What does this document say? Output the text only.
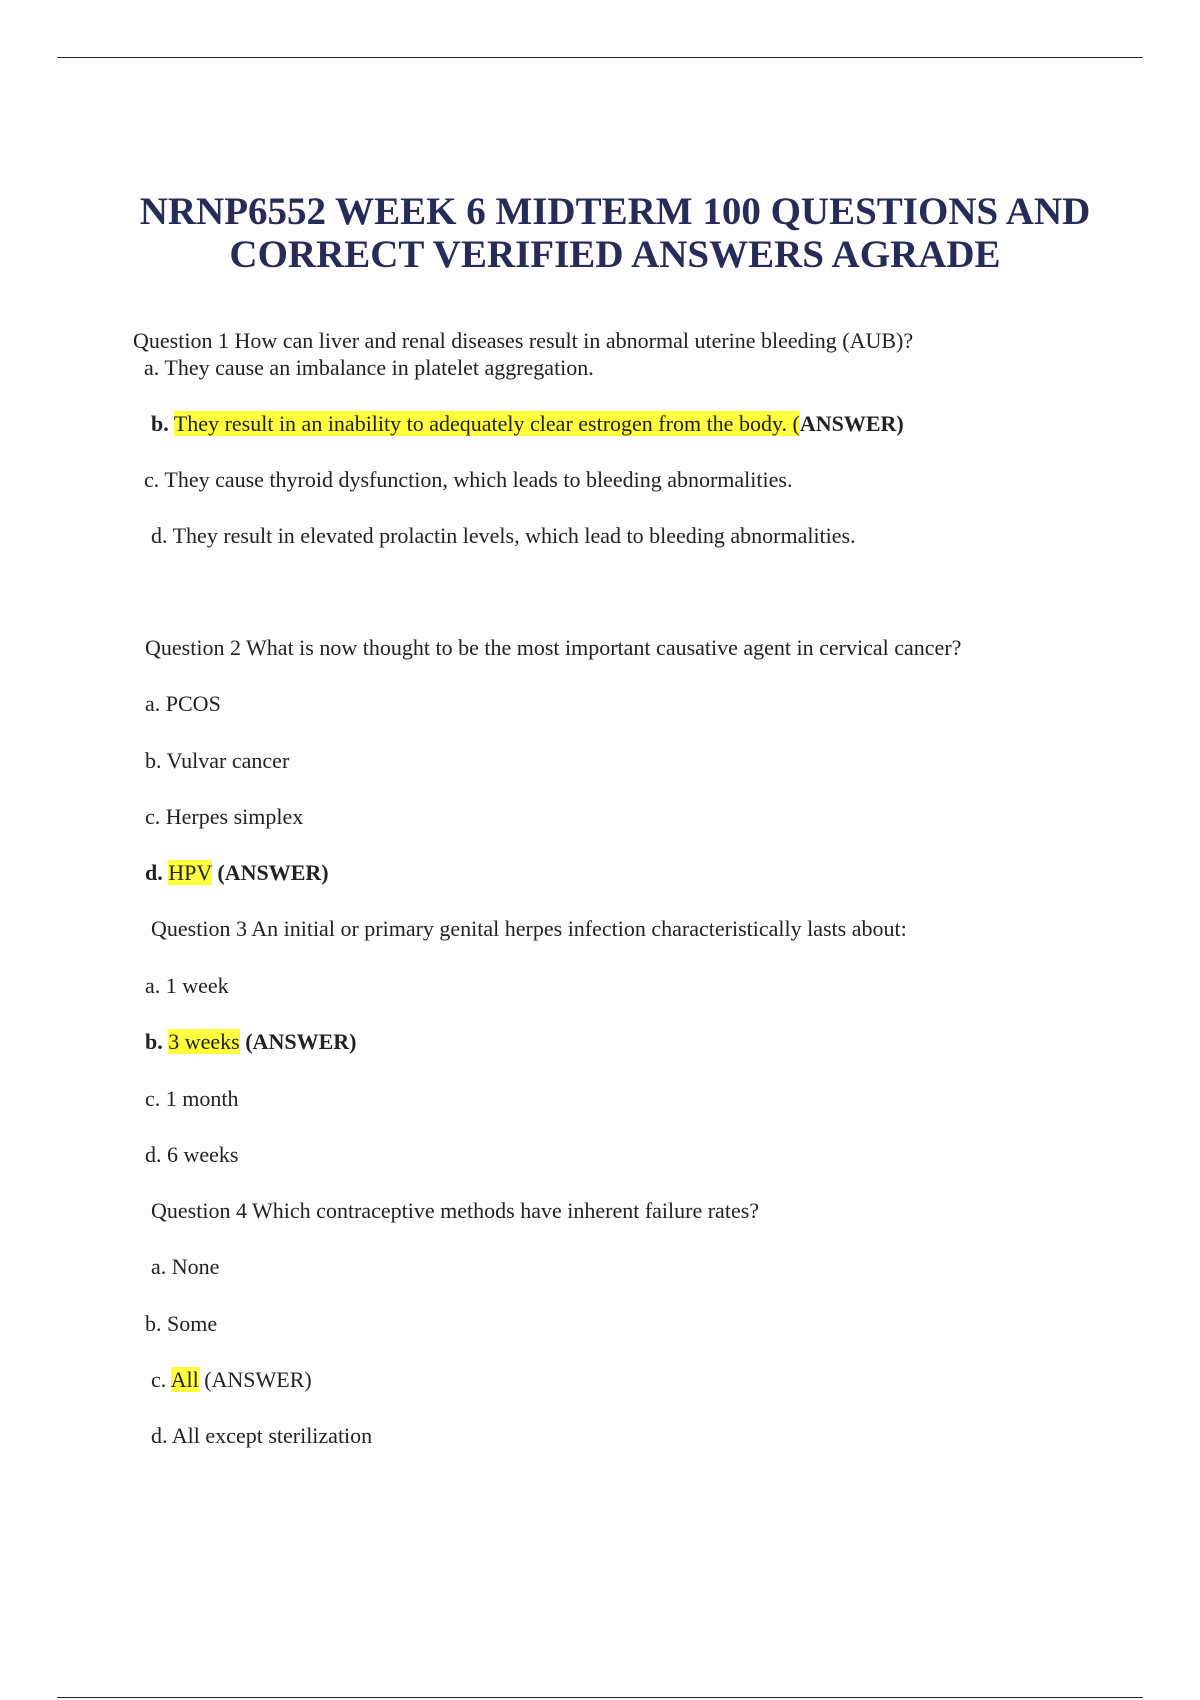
NRNP6552 WEEK 6 MIDTERM 100 QUESTIONS AND
CORRECT VERIFIED ANSWERS AGRADE
Question 1 How can liver and renal diseases result in abnormal uterine bleeding (AUB)?
a. They cause an imbalance in platelet aggregation.
b. They result in an inability to adequately clear estrogen from the body. (ANSWER)
c. They cause thyroid dysfunction, which leads to bleeding abnormalities.
d. They result in elevated prolactin levels, which lead to bleeding abnormalities.
Question 2 What is now thought to be the most important causative agent in cervical cancer?
a. PCOS
b. Vulvar cancer
c. Herpes simplex
d. HPV (ANSWER)
Question 3 An initial or primary genital herpes infection characteristically lasts about:
a. 1 week
b. 3 weeks (ANSWER)
c. 1 month
d. 6 weeks
Question 4 Which contraceptive methods have inherent failure rates?
a. None
b. Some
c. All (ANSWER)
d. All except sterilization
